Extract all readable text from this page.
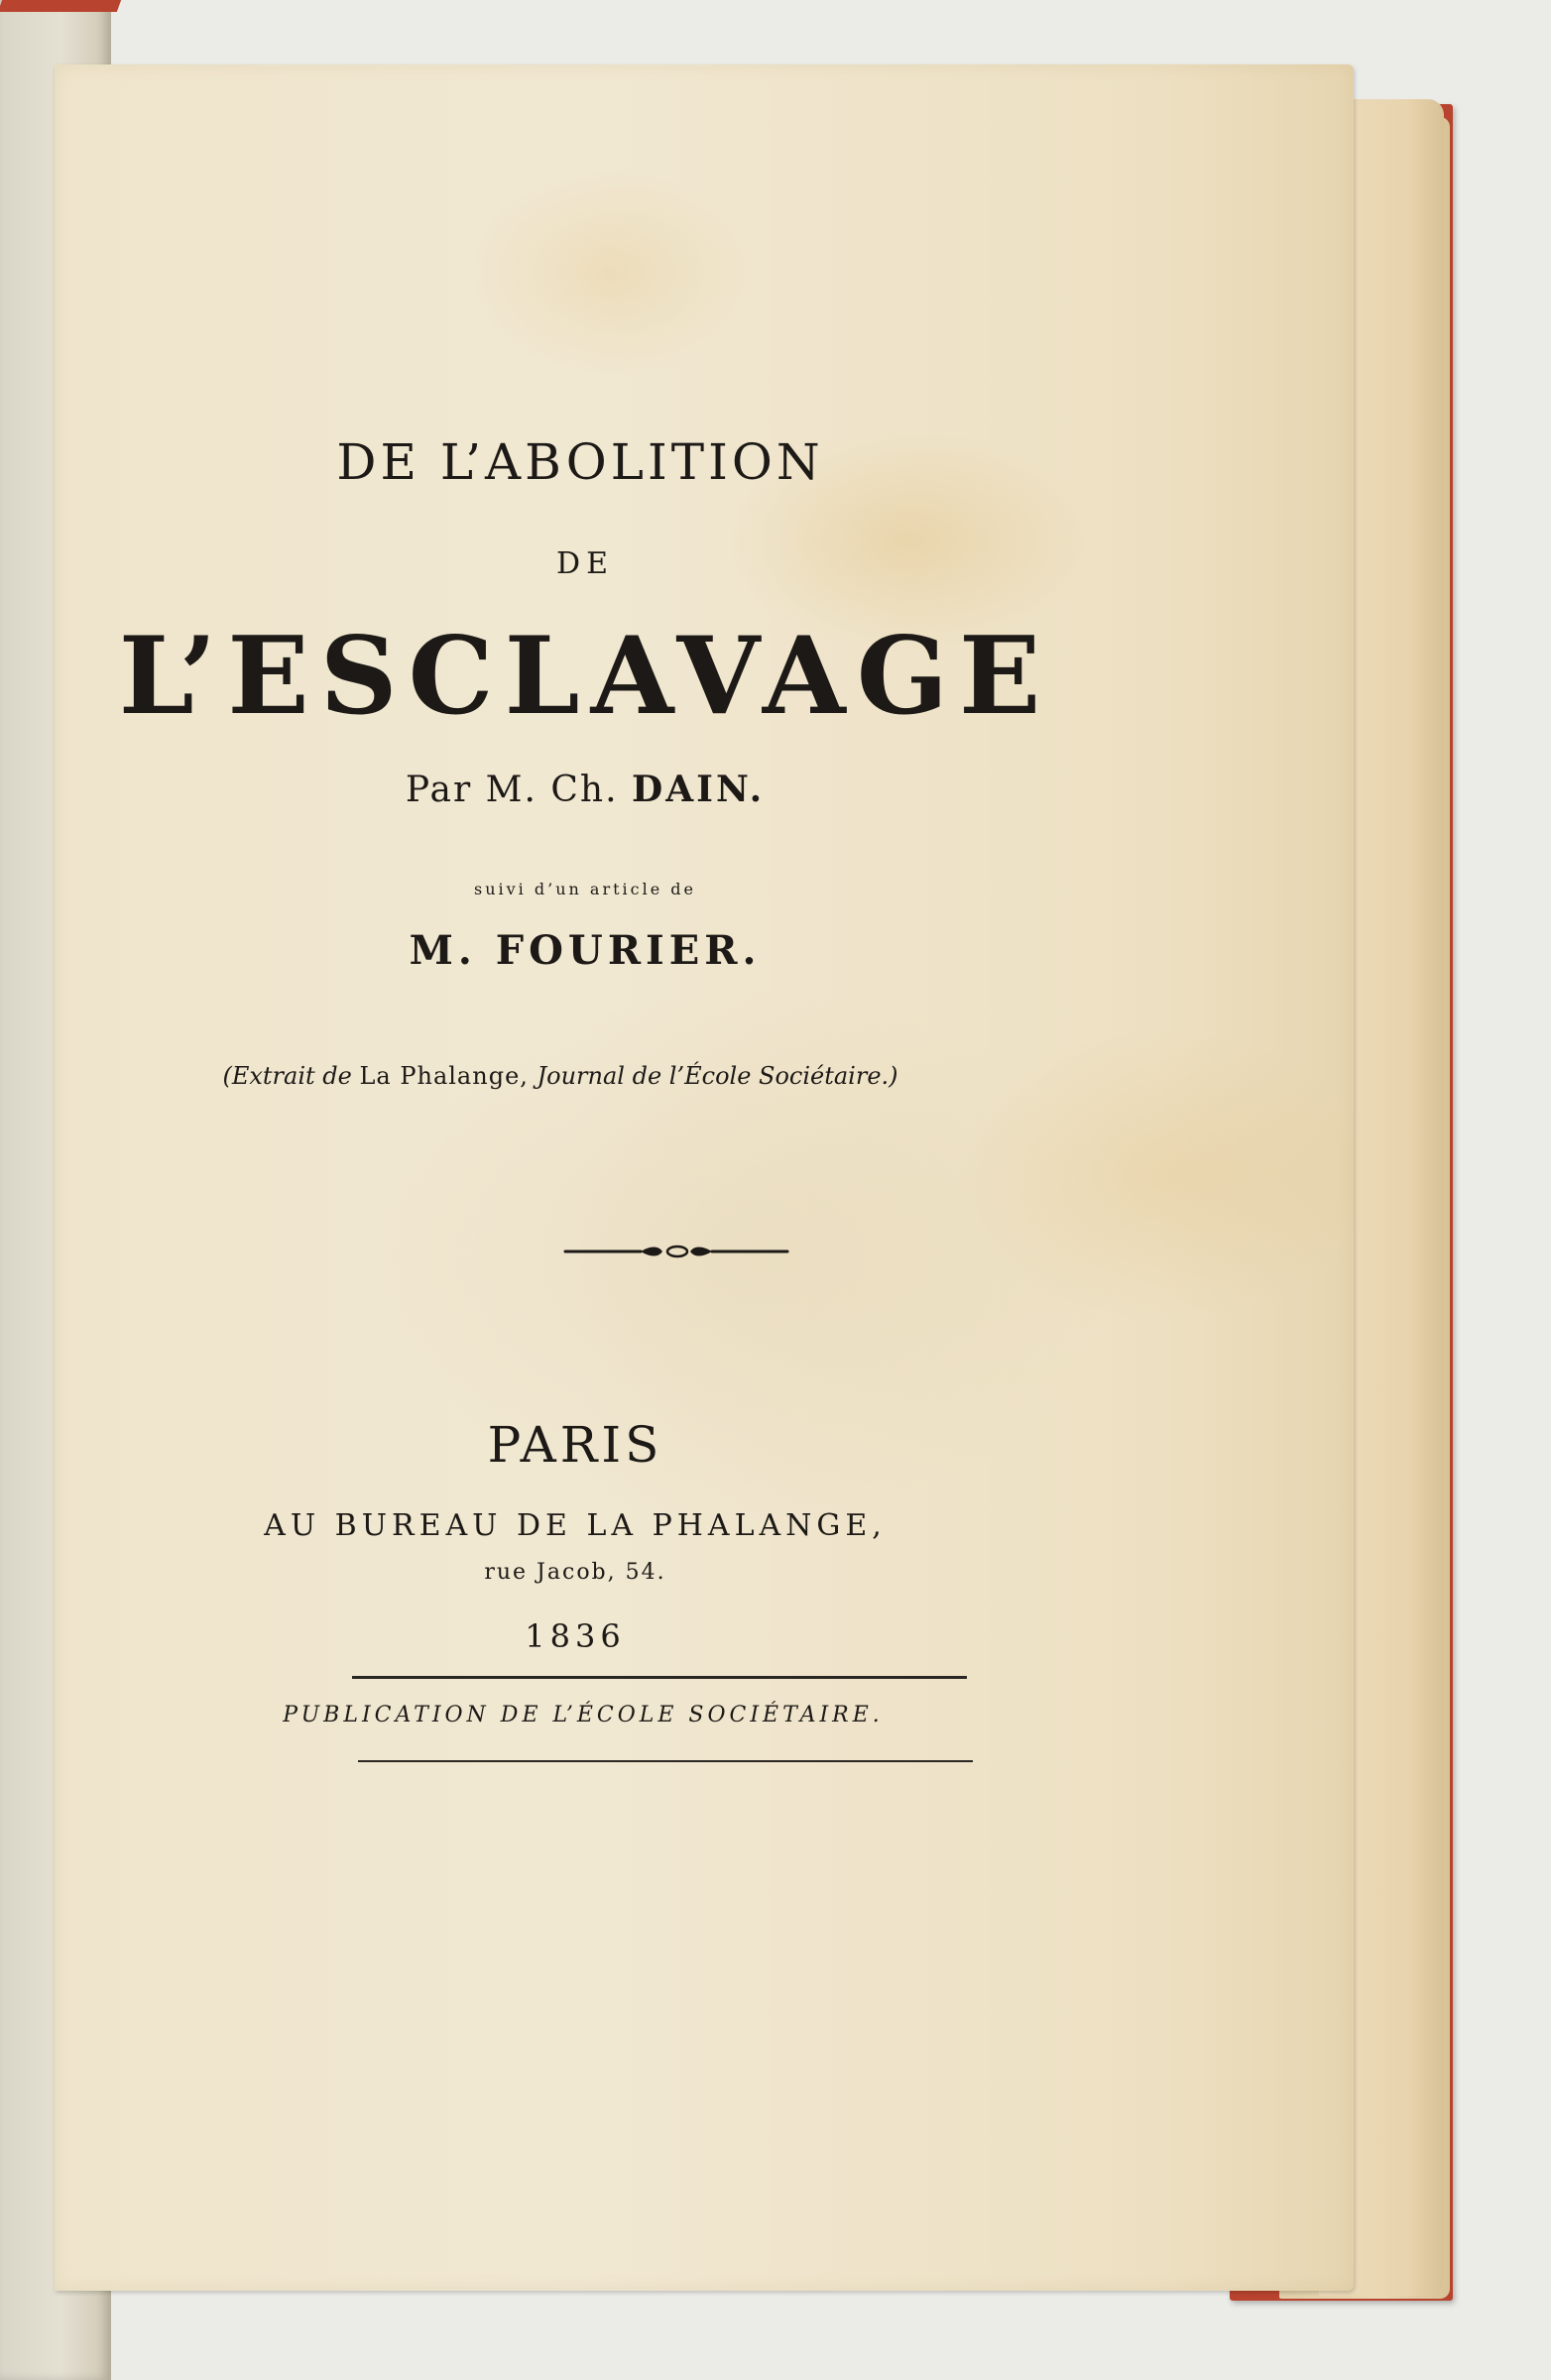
DE L’ABOLITION

DE

L’ESCLAVAGE

Par M. Ch. DAIN.

suivi d’un article de

M. FOURIER.

(Extrait de La Phalange, Journal de l’École Sociétaire.)

PARIS

AU BUREAU DE LA PHALANGE,

rue Jacob, 54.

1836

PUBLICATION DE L’ÉCOLE SOCIÉTAIRE.
